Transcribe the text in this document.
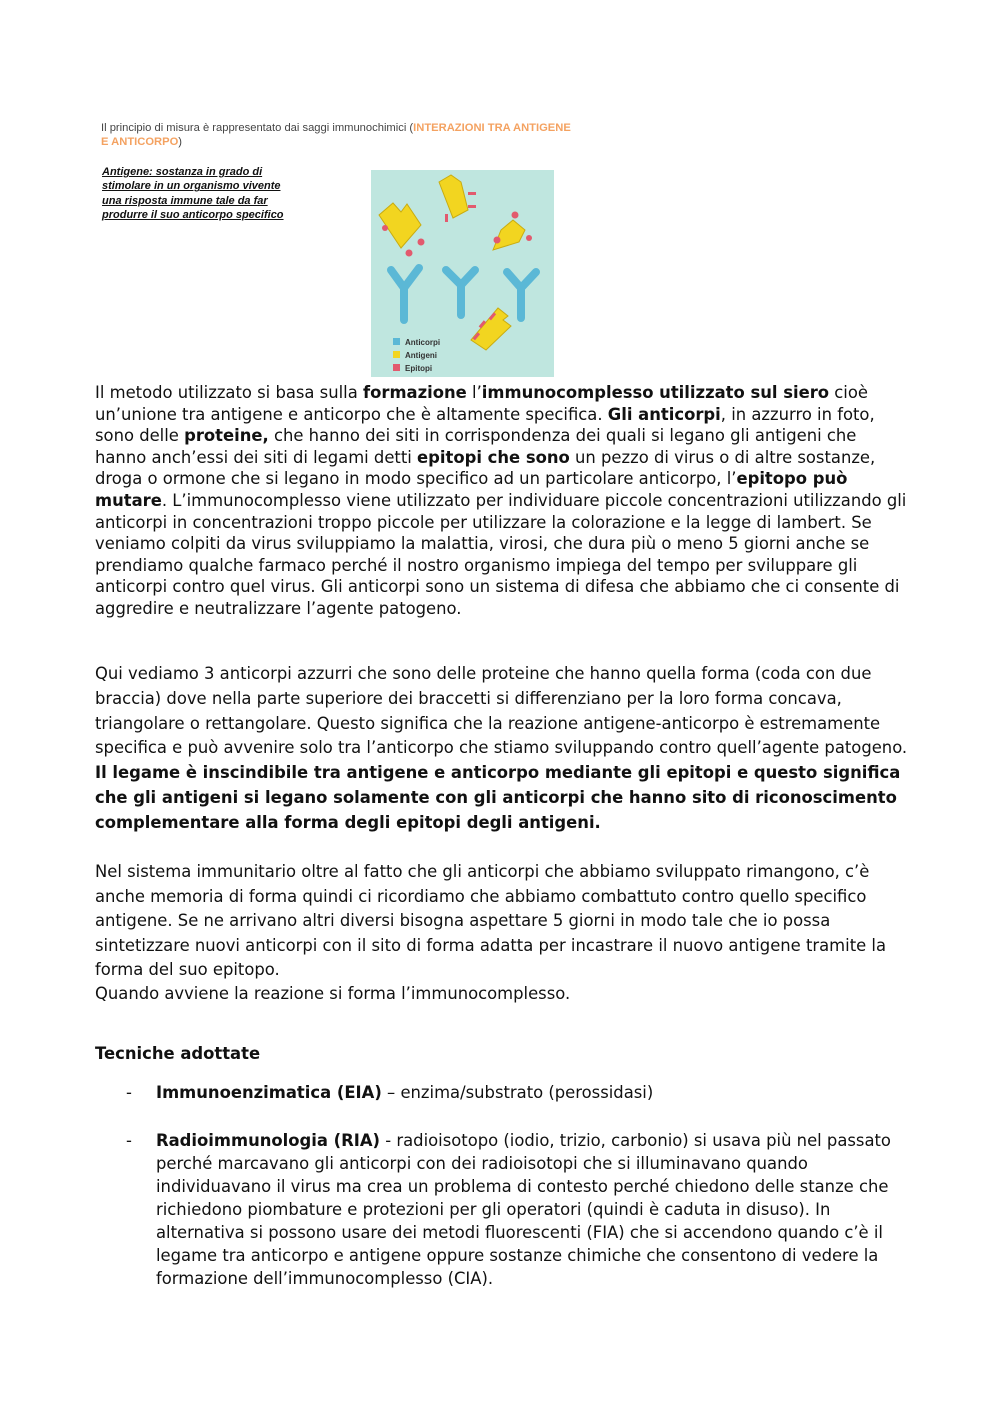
Il principio di misura è rappresentato dai saggi immunochimici (INTERAZIONI TRA ANTIGENE E ANTICORPO)
Antigene: sostanza in grado di stimolare in un organismo vivente una risposta immune tale da far produrre il suo anticorpo specifico
Anticorpi
Antigeni
Epitopi
Il metodo utilizzato si basa sulla formazione l’immunocomplesso utilizzato sul siero cioè un’unione tra antigene e anticorpo che è altamente specifica. Gli anticorpi, in azzurro in foto, sono delle proteine, che hanno dei siti in corrispondenza dei quali si legano gli antigeni che hanno anch’essi dei siti di legami detti epitopi che sono un pezzo di virus o di altre sostanze, droga o ormone che si legano in modo specifico ad un particolare anticorpo, l’epitopo può mutare. L’immunocomplesso viene utilizzato per individuare piccole concentrazioni utilizzando gli anticorpi in concentrazioni troppo piccole per utilizzare la colorazione e la legge di lambert. Se veniamo colpiti da virus sviluppiamo la malattia, virosi, che dura più o meno 5 giorni anche se prendiamo qualche farmaco perché il nostro organismo impiega del tempo per sviluppare gli anticorpi contro quel virus. Gli anticorpi sono un sistema di difesa che abbiamo che ci consente di aggredire e neutralizzare l’agente patogeno.
Qui vediamo 3 anticorpi azzurri che sono delle proteine che hanno quella forma (coda con due braccia) dove nella parte superiore dei braccetti si differenziano per la loro forma concava, triangolare o rettangolare. Questo significa che la reazione antigene-anticorpo è estremamente specifica e può avvenire solo tra l’anticorpo che stiamo sviluppando contro quell’agente patogeno. Il legame è inscindibile tra antigene e anticorpo mediante gli epitopi e questo significa che gli antigeni si legano solamente con gli anticorpi che hanno sito di riconoscimento complementare alla forma degli epitopi degli antigeni.
Nel sistema immunitario oltre al fatto che gli anticorpi che abbiamo sviluppato rimangono, c’è anche memoria di forma quindi ci ricordiamo che abbiamo combattuto contro quello specifico antigene. Se ne arrivano altri diversi bisogna aspettare 5 giorni in modo tale che io possa sintetizzare nuovi anticorpi con il sito di forma adatta per incastrare il nuovo antigene tramite la forma del suo epitopo.
Quando avviene la reazione si forma l’immunocomplesso.
Tecniche adottate
- Immunoenzimatica (EIA) – enzima/substrato (perossidasi)
- Radioimmunologia (RIA) - radioisotopo (iodio, trizio, carbonio) si usava più nel passato perché marcavano gli anticorpi con dei radioisotopi che si illuminavano quando individuavano il virus ma crea un problema di contesto perché chiedono delle stanze che richiedono piombature e protezioni per gli operatori (quindi è caduta in disuso). In alternativa si possono usare dei metodi fluorescenti (FIA) che si accendono quando c’è il legame tra anticorpo e antigene oppure sostanze chimiche che consentono di vedere la formazione dell’immunocomplesso (CIA).
